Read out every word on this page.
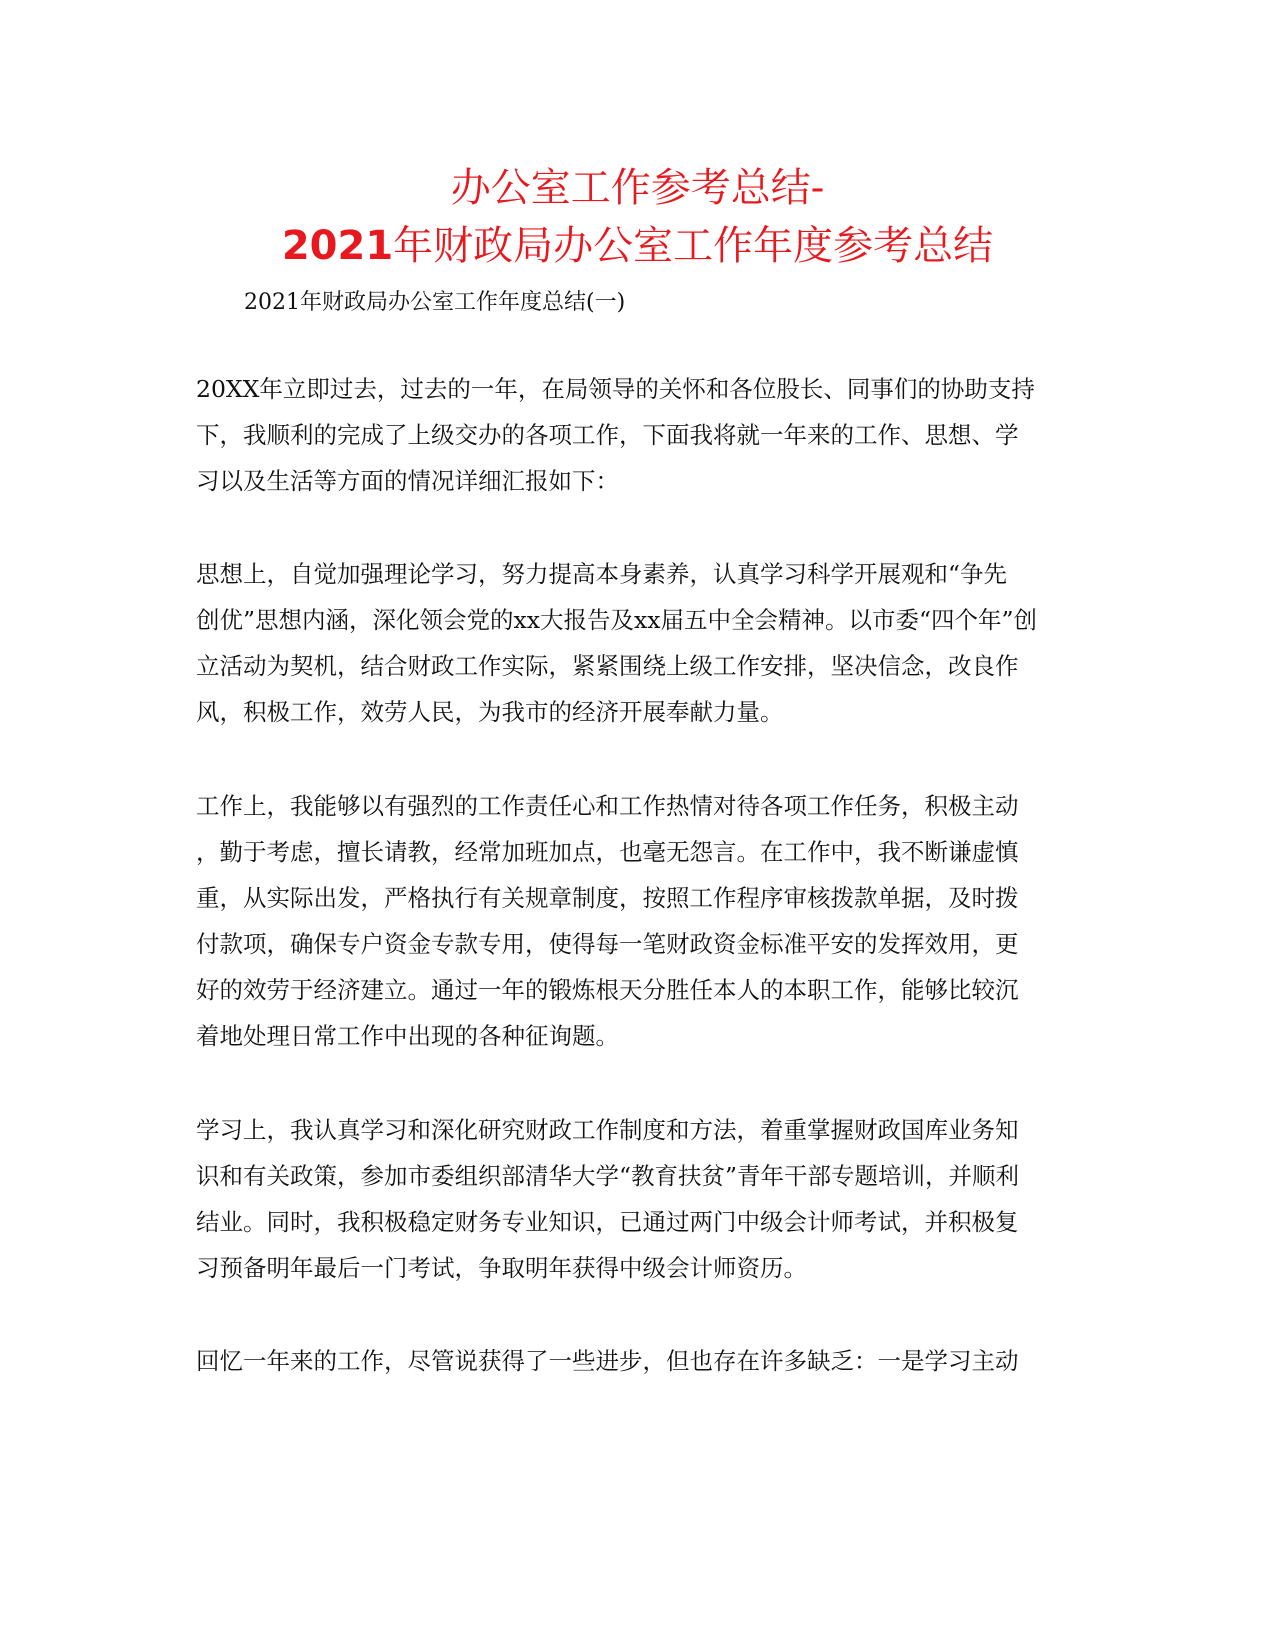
办公室工作参考总结-
2021年财政局办公室工作年度参考总结
2021年财政局办公室工作年度总结(一)
20XX年立即过去，过去的一年，在局领导的关怀和各位股长、同事们的协助支持
下，我顺利的完成了上级交办的各项工作，下面我将就一年来的工作、思想、学
习以及生活等方面的情况详细汇报如下：
思想上，自觉加强理论学习，努力提高本身素养，认真学习科学开展观和“争先
创优”思想内涵，深化领会党的xx大报告及xx届五中全会精神。以市委“四个年”创
立活动为契机，结合财政工作实际，紧紧围绕上级工作安排，坚决信念，改良作
风，积极工作，效劳人民，为我市的经济开展奉献力量。
工作上，我能够以有强烈的工作责任心和工作热情对待各项工作任务，积极主动
，勤于考虑，擅长请教，经常加班加点，也毫无怨言。在工作中，我不断谦虚慎
重，从实际出发，严格执行有关规章制度，按照工作程序审核拨款单据，及时拨
付款项，确保专户资金专款专用，使得每一笔财政资金标准平安的发挥效用，更
好的效劳于经济建立。通过一年的锻炼根天分胜任本人的本职工作，能够比较沉
着地处理日常工作中出现的各种征询题。
学习上，我认真学习和深化研究财政工作制度和方法，着重掌握财政国库业务知
识和有关政策，参加市委组织部清华大学“教育扶贫”青年干部专题培训，并顺利
结业。同时，我积极稳定财务专业知识，已通过两门中级会计师考试，并积极复
习预备明年最后一门考试，争取明年获得中级会计师资历。
回忆一年来的工作，尽管说获得了一些进步，但也存在许多缺乏：一是学习主动
